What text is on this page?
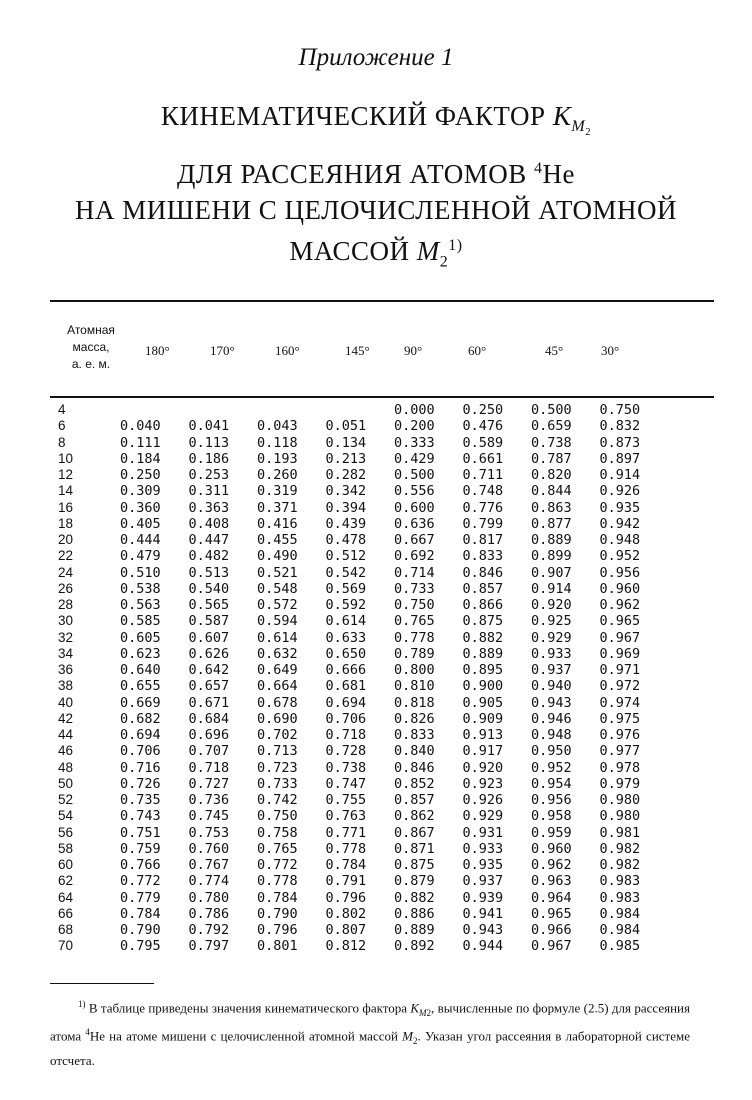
Приложение 1
КИНЕМАТИЧЕСКИЙ ФАКТОР $K_{M_2}$
ДЛЯ РАССЕЯНИЯ АТОМОВ $^4$He
НА МИШЕНИ С ЦЕЛОЧИСЛЕННОЙ АТОМНОЙ
МАССОЙ $M_2^{1)}$
Атомная
масса,
а. е. м.
180°	170°	160°	145°	90°	60°	45°	30°
4					0.000	0.250	0.500	0.750
6	0.040	0.041	0.043	0.051	0.200	0.476	0.659	0.832
8	0.111	0.113	0.118	0.134	0.333	0.589	0.738	0.873
10	0.184	0.186	0.193	0.213	0.429	0.661	0.787	0.897
12	0.250	0.253	0.260	0.282	0.500	0.711	0.820	0.914
14	0.309	0.311	0.319	0.342	0.556	0.748	0.844	0.926
16	0.360	0.363	0.371	0.394	0.600	0.776	0.863	0.935
18	0.405	0.408	0.416	0.439	0.636	0.799	0.877	0.942
20	0.444	0.447	0.455	0.478	0.667	0.817	0.889	0.948
22	0.479	0.482	0.490	0.512	0.692	0.833	0.899	0.952
24	0.510	0.513	0.521	0.542	0.714	0.846	0.907	0.956
26	0.538	0.540	0.548	0.569	0.733	0.857	0.914	0.960
28	0.563	0.565	0.572	0.592	0.750	0.866	0.920	0.962
30	0.585	0.587	0.594	0.614	0.765	0.875	0.925	0.965
32	0.605	0.607	0.614	0.633	0.778	0.882	0.929	0.967
34	0.623	0.626	0.632	0.650	0.789	0.889	0.933	0.969
36	0.640	0.642	0.649	0.666	0.800	0.895	0.937	0.971
38	0.655	0.657	0.664	0.681	0.810	0.900	0.940	0.972
40	0.669	0.671	0.678	0.694	0.818	0.905	0.943	0.974
42	0.682	0.684	0.690	0.706	0.826	0.909	0.946	0.975
44	0.694	0.696	0.702	0.718	0.833	0.913	0.948	0.976
46	0.706	0.707	0.713	0.728	0.840	0.917	0.950	0.977
48	0.716	0.718	0.723	0.738	0.846	0.920	0.952	0.978
50	0.726	0.727	0.733	0.747	0.852	0.923	0.954	0.979
52	0.735	0.736	0.742	0.755	0.857	0.926	0.956	0.980
54	0.743	0.745	0.750	0.763	0.862	0.929	0.958	0.980
56	0.751	0.753	0.758	0.771	0.867	0.931	0.959	0.981
58	0.759	0.760	0.765	0.778	0.871	0.933	0.960	0.982
60	0.766	0.767	0.772	0.784	0.875	0.935	0.962	0.982
62	0.772	0.774	0.778	0.791	0.879	0.937	0.963	0.983
64	0.779	0.780	0.784	0.796	0.882	0.939	0.964	0.983
66	0.784	0.786	0.790	0.802	0.886	0.941	0.965	0.984
68	0.790	0.792	0.796	0.807	0.889	0.943	0.966	0.984
70	0.795	0.797	0.801	0.812	0.892	0.944	0.967	0.985
$^{1)}$ В таблице приведены значения кинематического фактора $K_{M2}$, вычисленные по формуле (2.5) для рассеяния атома $^4$He на атоме мишени с целочисленной атомной массой $M_2$. Указан угол рассеяния в лабораторной системе отсчета.
